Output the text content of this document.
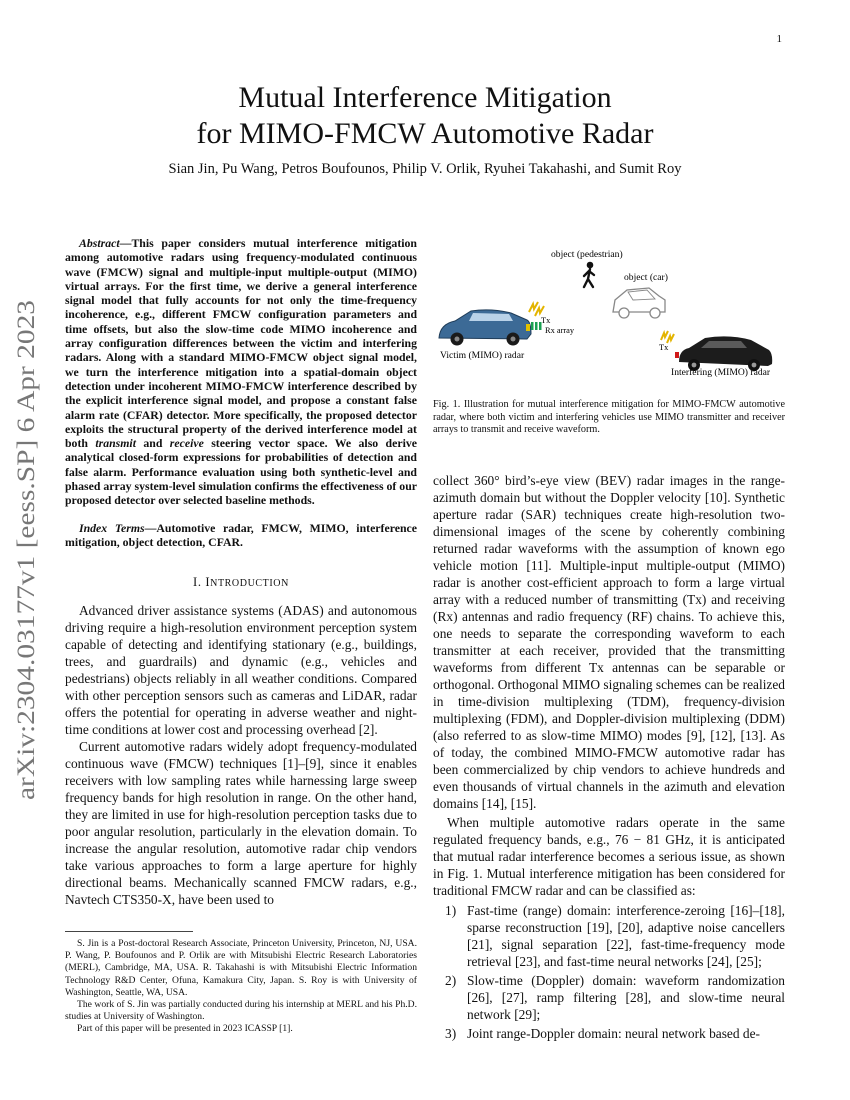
1
arXiv:2304.03177v1 [eess.SP] 6 Apr 2023
Mutual Interference Mitigation
for MIMO-FMCW Automotive Radar
Sian Jin, Pu Wang, Petros Boufounos, Philip V. Orlik, Ryuhei Takahashi, and Sumit Roy

Abstract—This paper considers mutual interference mitigation among automotive radars using frequency-modulated continuous wave (FMCW) signal and multiple-input multiple-output (MIMO) virtual arrays. For the first time, we derive a general interference signal model that fully accounts for not only the time-frequency incoherence, e.g., different FMCW configuration parameters and time offsets, but also the slow-time code MIMO incoherence and array configuration differences between the victim and interfering radars. Along with a standard MIMO-FMCW object signal model, we turn the interference mitigation into a spatial-domain object detection under incoherent MIMO-FMCW interference described by the explicit interference signal model, and propose a constant false alarm rate (CFAR) detector. More specifically, the proposed detector exploits the structural property of the derived interference model at both transmit and receive steering vector space. We also derive analytical closed-form expressions for probabilities of detection and false alarm. Performance evaluation using both synthetic-level and phased array system-level simulation confirms the effectiveness of our proposed detector over selected baseline methods.

Index Terms—Automotive radar, FMCW, MIMO, interference mitigation, object detection, CFAR.

I. INTRODUCTION

Advanced driver assistance systems (ADAS) and autonomous driving require a high-resolution environment perception system capable of detecting and identifying stationary (e.g., buildings, trees, and guardrails) and dynamic (e.g., vehicles and pedestrians) objects reliably in all weather conditions. Compared with other perception sensors such as cameras and LiDAR, radar offers the potential for operating in adverse weather and night-time conditions at lower cost and processing overhead [2].

Current automotive radars widely adopt frequency-modulated continuous wave (FMCW) techniques [1]–[9], since it enables receivers with low sampling rates while harnessing large sweep frequency bands for high resolution in range. On the other hand, they are limited in use for high-resolution perception tasks due to poor angular resolution, particularly in the elevation domain. To increase the angular resolution, automotive radar chip vendors take various approaches to form a large aperture for highly directional beams. Mechanically scanned FMCW radars, e.g., Navtech CTS350-X, have been used to

S. Jin is a Post-doctoral Research Associate, Princeton University, Princeton, NJ, USA. P. Wang, P. Boufounos and P. Orlik are with Mitsubishi Electric Research Laboratories (MERL), Cambridge, MA, USA. R. Takahashi is with Mitsubishi Electric Information Technology R&D Center, Ofuna, Kamakura City, Japan. S. Roy is with University of Washington, Seattle, WA, USA.

The work of S. Jin was partially conducted during his internship at MERL and his Ph.D. studies at University of Washington.

Part of this paper will be presented in 2023 ICASSP [1].

object (pedestrian)
object (car)
Tx
Rx array
Victim (MIMO) radar
Tx
Interfering (MIMO) radar
Fig. 1. Illustration for mutual interference mitigation for MIMO-FMCW automotive radar, where both victim and interfering vehicles use MIMO transmitter and receiver arrays to transmit and receive waveform.

collect 360° bird’s-eye view (BEV) radar images in the range-azimuth domain but without the Doppler velocity [10]. Synthetic aperture radar (SAR) techniques create high-resolution two-dimensional images of the scene by coherently combining returned radar waveforms with the assumption of known ego vehicle motion [11]. Multiple-input multiple-output (MIMO) radar is another cost-efficient approach to form a large virtual array with a reduced number of transmitting (Tx) and receiving (Rx) antennas and radio frequency (RF) chains. To achieve this, one needs to separate the corresponding waveform to each transmitter at each receiver, provided that the transmitting waveforms from different Tx antennas can be separable or orthogonal. Orthogonal MIMO signaling schemes can be realized in time-division multiplexing (TDM), frequency-division multiplexing (FDM), and Doppler-division multiplexing (DDM) (also referred to as slow-time MIMO) modes [9], [12], [13]. As of today, the combined MIMO-FMCW automotive radar has been commercialized by chip vendors to achieve hundreds and even thousands of virtual channels in the azimuth and elevation domains [14], [15].

When multiple automotive radars operate in the same regulated frequency bands, e.g., 76 − 81 GHz, it is anticipated that mutual radar interference becomes a serious issue, as shown in Fig. 1. Mutual interference mitigation has been considered for traditional FMCW radar and can be classified as:

1) Fast-time (range) domain: interference-zeroing [16]–[18], sparse reconstruction [19], [20], adaptive noise cancellers [21], signal separation [22], fast-time-frequency mode retrieval [23], and fast-time neural networks [24], [25];
2) Slow-time (Doppler) domain: waveform randomization [26], [27], ramp filtering [28], and slow-time neural network [29];
3) Joint range-Doppler domain: neural network based de-
